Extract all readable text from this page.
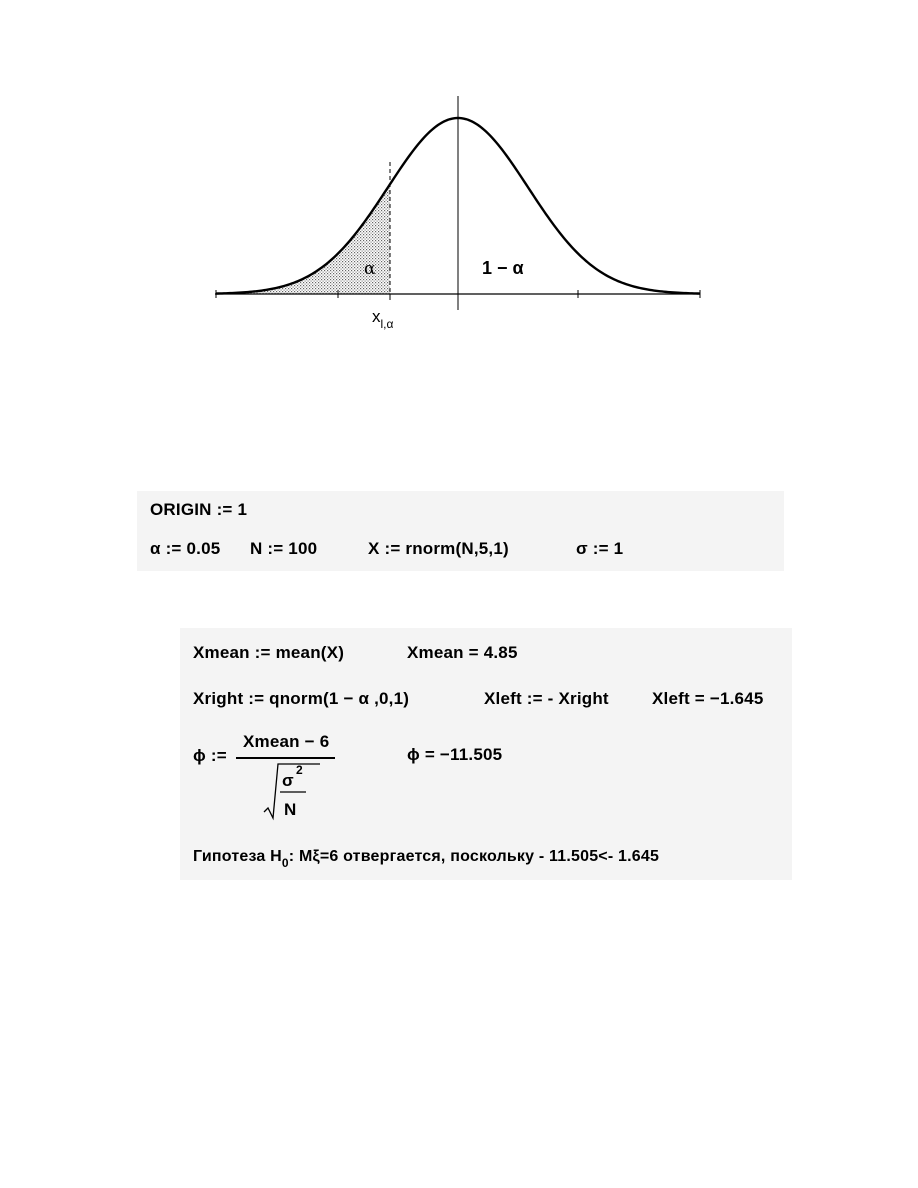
α	1 − α
$x_{l,\alpha}$
ORIGIN := 1
α := 0.05 N := 100	X := rnorm(N,5,1)	σ := 1
Xmean := mean(X)	Xmean = 4.85
Xright := qnorm(1 − α ,0,1)	Xleft := - Xright	Xleft = −1.645
ϕ :=
Xmean − 6
σ
2
N
ϕ = −11.505
Гипотеза $H_0$: Mξ=6 отвергается, поскольку - 11.505<- 1.645
